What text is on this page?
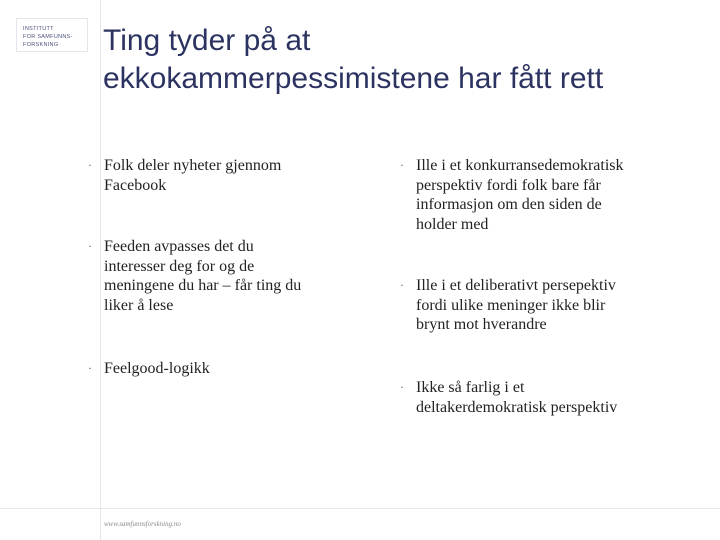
INSTITUTT
FOR SAMFUNNS-
FORSKNING	Ting tyder på at
ekkokammerpessimistene har fått rett
· Folk deler nyheter gjennom
Facebook
· Feeden avpasses det du
interesser deg for og de
meningene du har – får ting du
liker å lese
· Feelgood-logikk
· Ille i et konkurransedemokratisk
perspektiv fordi folk bare får
informasjon om den siden de
holder med
· Ille i et deliberativt persepektiv
fordi ulike meninger ikke blir
brynt mot hverandre
· Ikke så farlig i et
deltakerdemokratisk perspektiv
www.samfunnsforskning.no
